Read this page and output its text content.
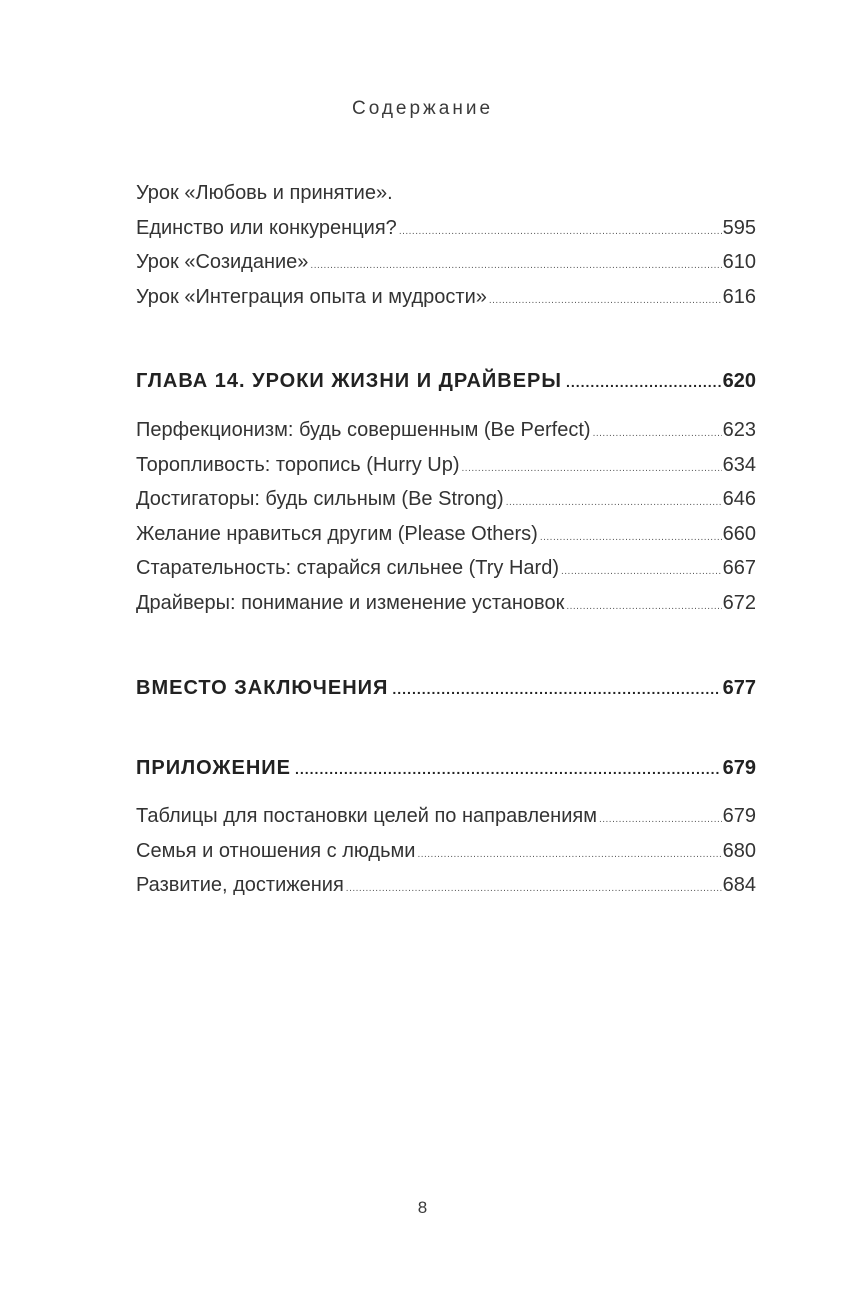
Содержание
Урок «Любовь и принятие».
Единство или конкуренция? .....	595
Урок «Созидание» .....	610
Урок «Интеграция опыта и мудрости» .....	616
ГЛАВА 14. УРОКИ ЖИЗНИ И ДРАЙВЕРЫ .....	620
Перфекционизм: будь совершенным (Be Perfect) .....	623
Торопливость: торопись (Hurry Up) .....	634
Достигаторы: будь сильным (Be Strong) .....	646
Желание нравиться другим (Please Others) .....	660
Старательность: старайся сильнее (Try Hard) .....	667
Драйверы: понимание и изменение установок .....	672
ВМЕСТО ЗАКЛЮЧЕНИЯ .....	677
ПРИЛОЖЕНИЕ .....	679
Таблицы для постановки целей по направлениям .....	679
Семья и отношения с людьми .....	680
Развитие, достижения .....	684
8
